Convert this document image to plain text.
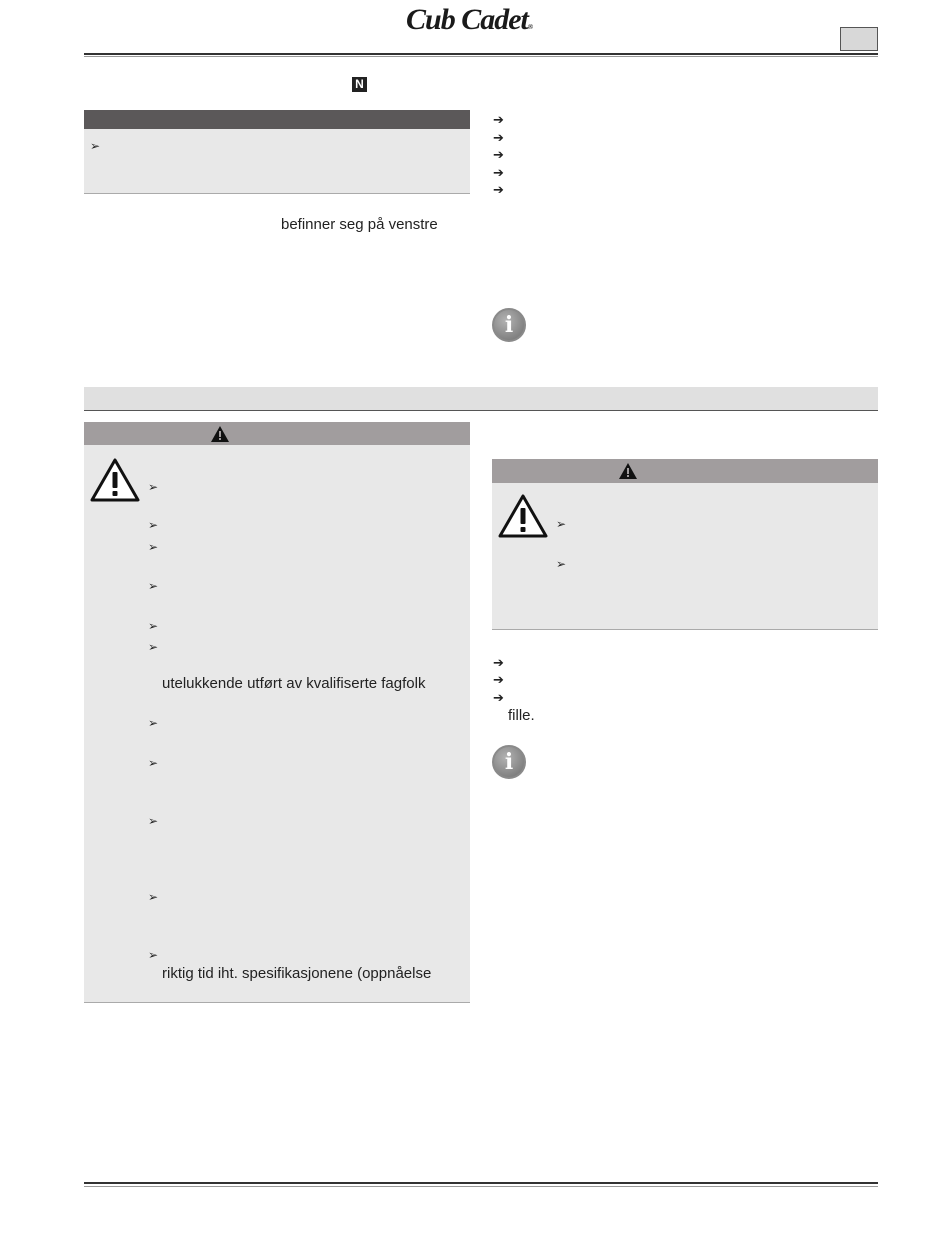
Cub Cadet®
N
➢
befinner seg på venstre
➔
➔
➔
➔
➔
i
➢
➢
➢
➢
➢
➢
utelukkende utført av kvalifiserte fagfolk
➢
➢
➢
➢
➢
riktig tid iht. spesifikasjonene (oppnåelse
➢
➢
➔
➔
➔
fille.
i
